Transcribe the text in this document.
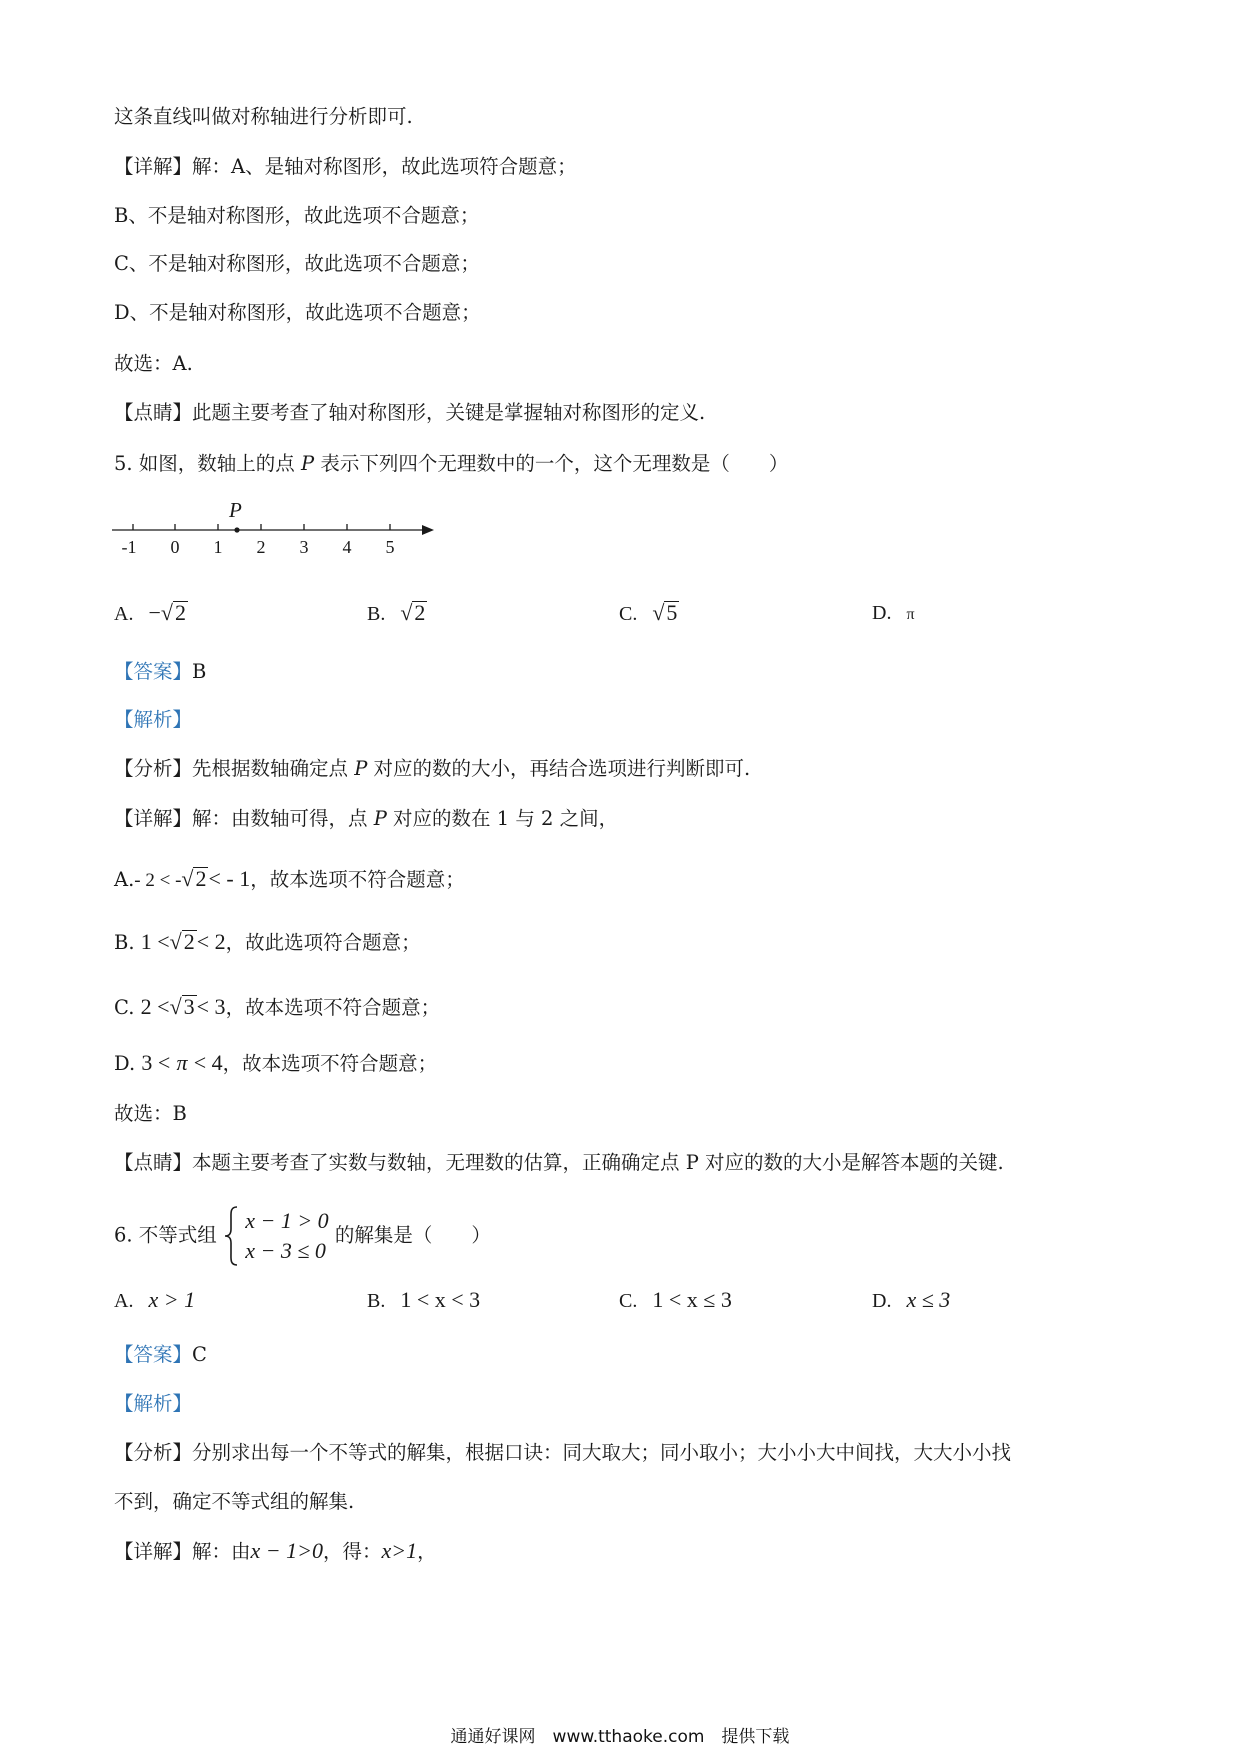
这条直线叫做对称轴进行分析即可.
【详解】解：A、是轴对称图形，故此选项符合题意；
B、不是轴对称图形，故此选项不合题意；
C、不是轴对称图形，故此选项不合题意；
D、不是轴对称图形，故此选项不合题意；
故选：A.
【点睛】此题主要考查了轴对称图形，关键是掌握轴对称图形的定义.
5. 如图，数轴上的点 P 表示下列四个无理数中的一个，这个无理数是（　　）
P
-1 0 1 2 3 4 5
A. −√2	B. √2	C. √5	D. π
【答案】B
【解析】
【分析】先根据数轴确定点 P 对应的数的大小，再结合选项进行判断即可.
【详解】解：由数轴可得，点 P 对应的数在 1 与 2 之间，
A.- 2 < -√2< - 1，故本选项不符合题意；
B. 1 <√2< 2，故此选项符合题意；
C. 2 <√3< 3，故本选项不符合题意；
D. 3 < π < 4，故本选项不符合题意；
故选：B
【点睛】本题主要考查了实数与数轴，无理数的估算，正确确定点 P 对应的数的大小是解答本题的关键.
6. 不等式组

x − 1 > 0
x − 3 ≤ 0
的解集是（　　）
A. x > 1	B. 1 < x < 3	C. 1 < x ≤ 3	D. x ≤ 3
【答案】C
【解析】
【分析】分别求出每一个不等式的解集，根据口诀：同大取大；同小取小；大小小大中间找，大大小小找
不到，确定不等式组的解集.
【详解】解：由x − 1>0，得：x>1，
通通好课网　www.tthaoke.com　提供下载
